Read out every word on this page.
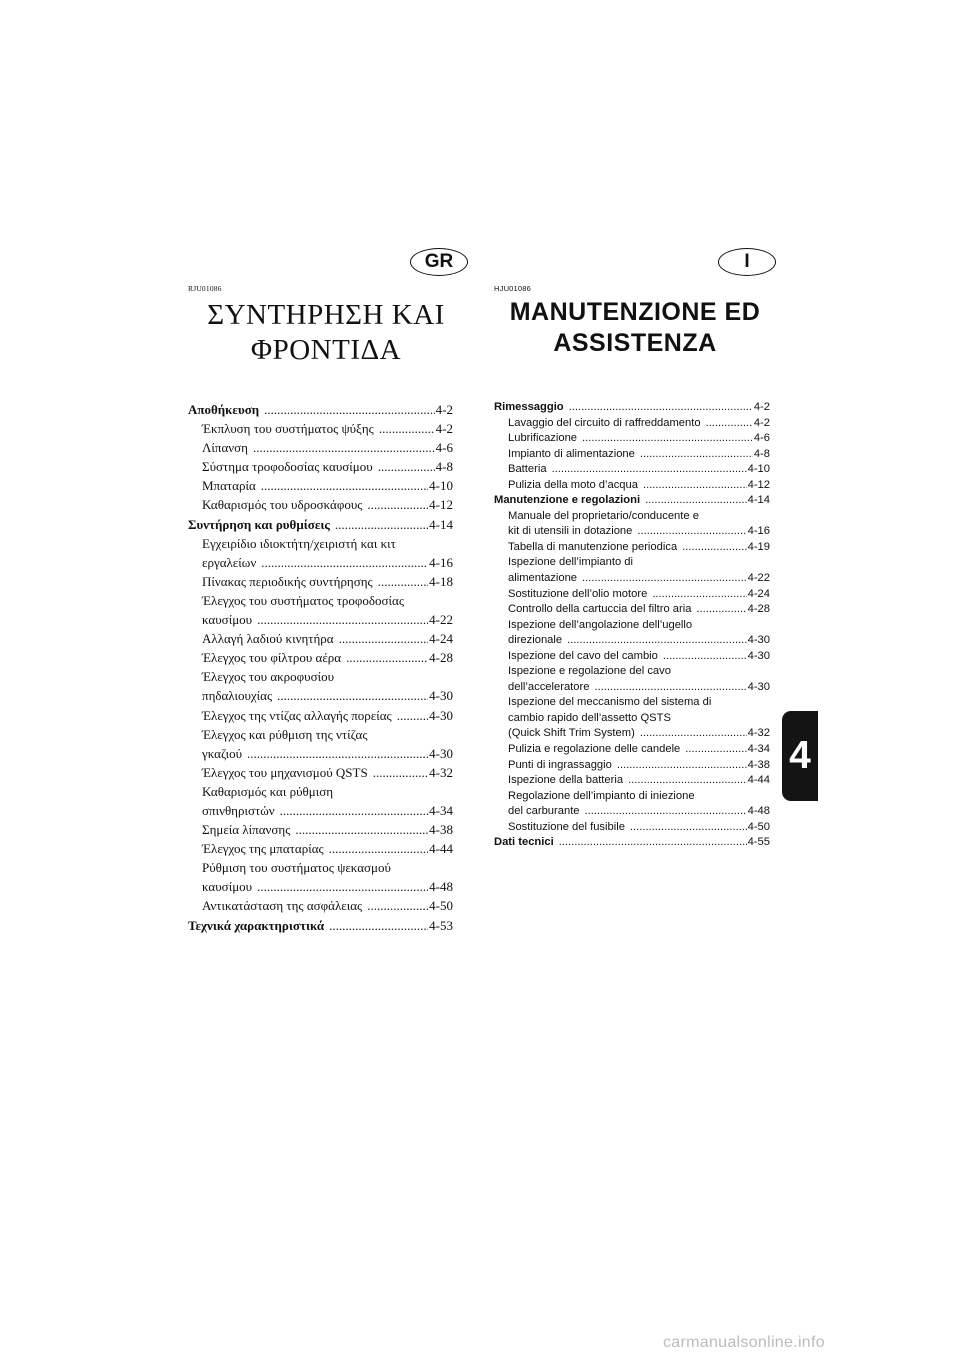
GR	I
RJU01086	HJU01086
ΣΥΝΤΗΡΗΣΗ ΚΑΙ
ΦΡΟΝΤΙΔΑ
MANUTENZIONE ED
ASSISTENZA
Αποθήκευση .....	4-2
Έκπλυση του συστήματος ψύξης .....	4-2
Λίπανση .....	4-6
Σύστημα τροφοδοσίας καυσίμου .....	4-8
Μπαταρία .....	4-10
Καθαρισμός του υδροσκάφους .....	4-12
Συντήρηση και ρυθμίσεις .....	4-14
Εγχειρίδιο ιδιοκτήτη/χειριστή και κιτ
εργαλείων .....	4-16
Πίνακας περιοδικής συντήρησης .....	4-18
Έλεγχος του συστήματος τροφοδοσίας
καυσίμου .....	4-22
Αλλαγή λαδιού κινητήρα .....	4-24
Έλεγχος του φίλτρου αέρα .....	4-28
Έλεγχος του ακροφυσίου
πηδαλιουχίας .....	4-30
Έλεγχος της ντίζας αλλαγής πορείας .....	4-30
Έλεγχος και ρύθμιση της ντίζας
γκαζιού .....	4-30
Έλεγχος του μηχανισμού QSTS .....	4-32
Καθαρισμός και ρύθμιση
σπινθηριστών .....	4-34
Σημεία λίπανσης .....	4-38
Έλεγχος της μπαταρίας .....	4-44
Ρύθμιση του συστήματος ψεκασμού
καυσίμου .....	4-48
Αντικατάσταση της ασφάλειας .....	4-50
Τεχνικά χαρακτηριστικά .....	4-53
Rimessaggio .....	4-2
Lavaggio del circuito di raffreddamento .....	4-2
Lubrificazione .....	4-6
Impianto di alimentazione .....	4-8
Batteria .....	4-10
Pulizia della moto d’acqua .....	4-12
Manutenzione e regolazioni .....	4-14
Manuale del proprietario/conducente e
kit di utensili in dotazione .....	4-16
Tabella di manutenzione periodica .....	4-19
Ispezione dell’impianto di
alimentazione .....	4-22
Sostituzione dell’olio motore .....	4-24
Controllo della cartuccia del filtro aria .....	4-28
Ispezione dell’angolazione dell’ugello
direzionale .....	4-30
Ispezione del cavo del cambio .....	4-30
Ispezione e regolazione del cavo
dell’acceleratore .....	4-30
Ispezione del meccanismo del sistema di
cambio rapido dell’assetto QSTS
(Quick Shift Trim System) .....	4-32
Pulizia e regolazione delle candele .....	4-34
Punti di ingrassaggio .....	4-38
Ispezione della batteria .....	4-44
Regolazione dell’impianto di iniezione
del carburante .....	4-48
Sostituzione del fusibile .....	4-50
Dati tecnici .....	4-55
4
carmanualsonline.info
